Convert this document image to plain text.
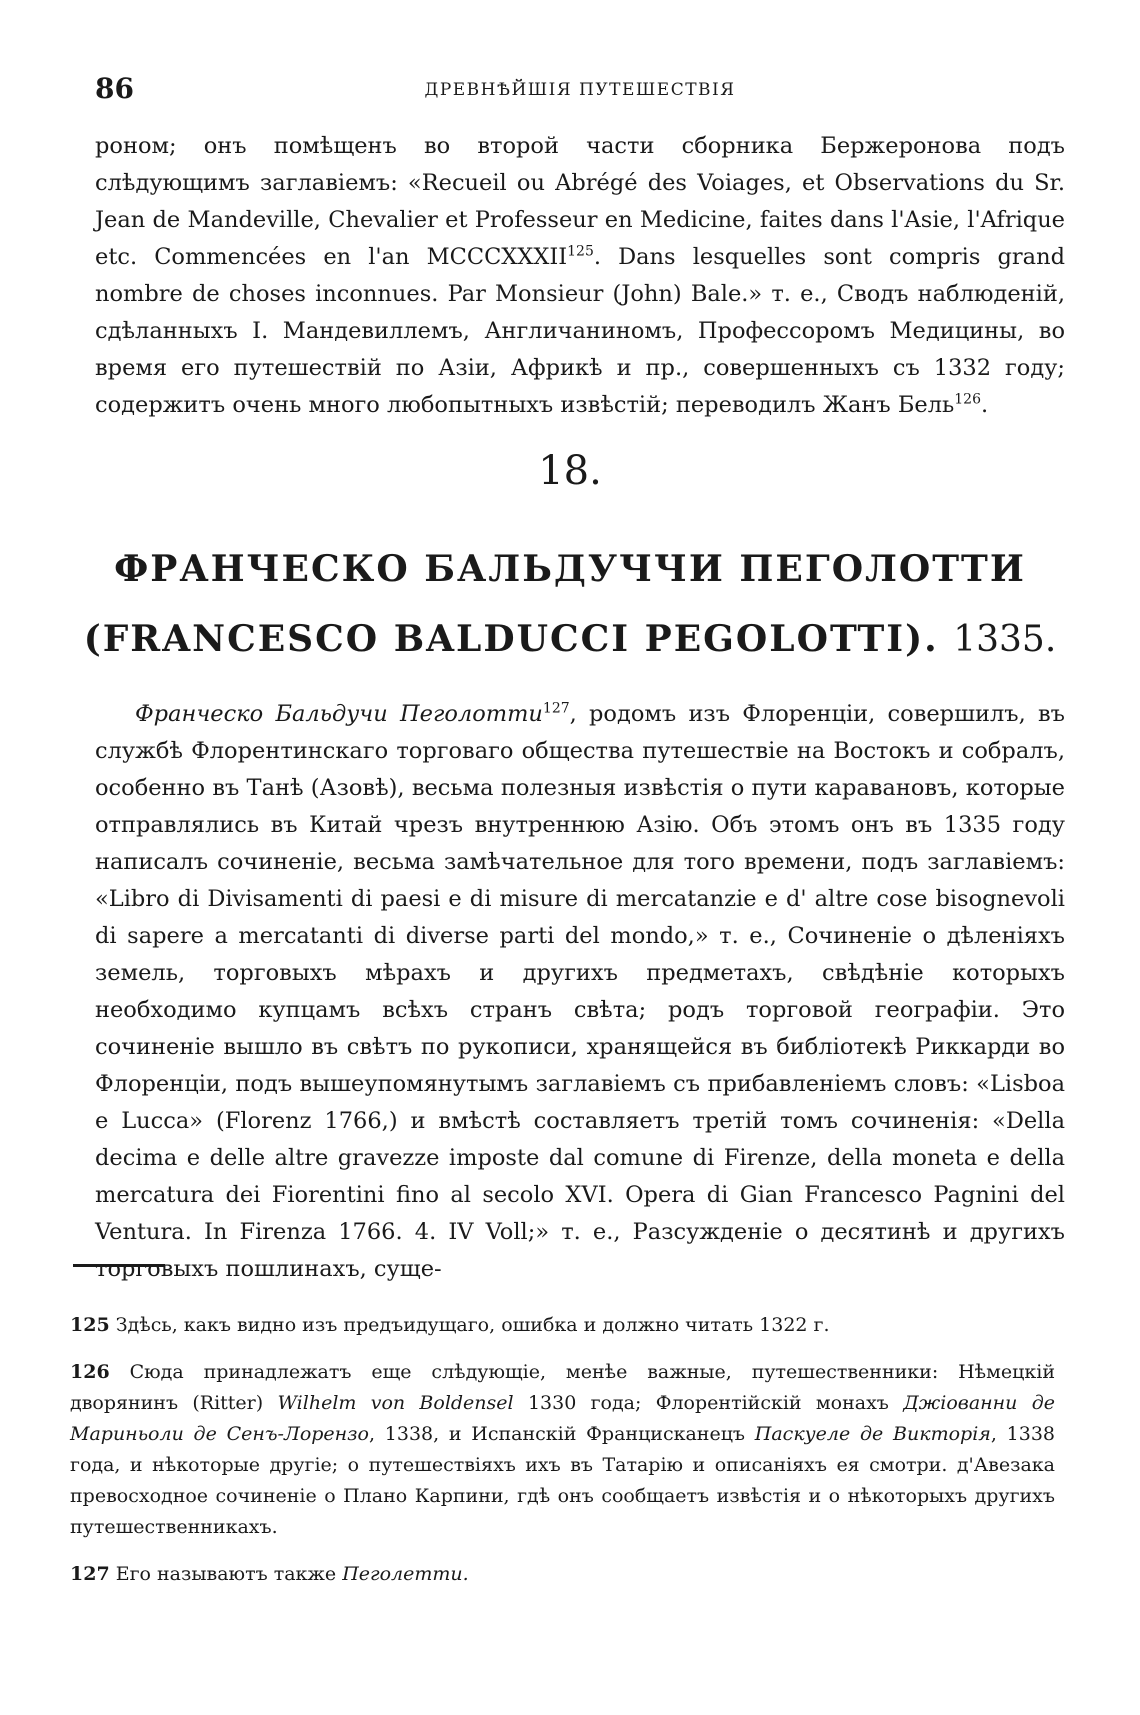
86	ДРЕВНѢЙШІЯ ПУТЕШЕСТВІЯ

роном; онъ помѣщенъ во второй части сборника Бержеронова подъ слѣдующимъ заглавіемъ: «Recueil ou Abrégé des Voiages, et Observations du Sr. Jean de Mandeville, Chevalier et Professeur en Medicine, faites dans l'Asie, l'Afrique etc. Commencées en l'an MCCCXXXII$^{125}$. Dans lesquelles sont compris grand nombre de choses inconnues. Par Monsieur (John) Bale.» т. е., Сводъ наблюденій, сдѣланныхъ I. Мандевиллемъ, Англичаниномъ, Профессоромъ Медицины, во время его путешествій по Азіи, Африкѣ и пр., совершенныхъ съ 1332 году; содержитъ очень много любопытныхъ извѣстій; переводилъ Жанъ Бель$^{126}$.

18.
ФРАНЧЕСКО БАЛЬДУЧЧИ ПЕГОЛОТТИ
(FRANCESCO BALDUCCI PEGOLOTTI). 1335.

Франческо Бальдучи Пеголотти$^{127}$, родомъ изъ Флоренціи, совершилъ, въ службѣ Флорентинскаго торговаго общества путешествіе на Востокъ и собралъ, особенно въ Танѣ (Азовѣ), весьма полезныя извѣстія о пути каравановъ, которые отправлялись въ Китай чрезъ внутреннюю Азію. Объ этомъ онъ въ 1335 году написалъ сочиненіе, весьма замѣчательное для того времени, подъ заглавіемъ: «Libro di Divisamenti di paesi e di misure di mercatanzie e d' altre cose bisognevoli di sapere a mercatanti di diverse parti del mondo,» т. е., Сочиненіе о дѣленіяхъ земель, торговыхъ мѣрахъ и другихъ предметахъ, свѣдѣніе которыхъ необходимо купцамъ всѣхъ странъ свѣта; родъ торговой географіи. Это сочиненіе вышло въ свѣтъ по рукописи, хранящейся въ библіотекѣ Риккарди во Флоренціи, подъ вышеупомянутымъ заглавіемъ съ прибавленіемъ словъ: «Lisboa e Lucca» (Florenz 1766,) и вмѣстѣ составляетъ третій томъ сочиненія: «Della decima e delle altre gravezze imposte dal comune di Firenze, della moneta e della mercatura dei Fiorentini fino al secolo XVI. Opera di Gian Francesco Pagnini del Ventura. In Firenza 1766. 4. IV Voll;» т. е., Разсужденіе о десятинѣ и другихъ торговыхъ пошлинахъ, суще-

125 Здѣсь, какъ видно изъ предъидущаго, ошибка и должно читать 1322 г.

126 Сюда принадлежатъ еще слѣдующіе, менѣе важные, путешественники: Нѣмецкій дворянинъ (Ritter) Wilhelm von Boldensel 1330 года; Флорентійскій монахъ Джіованни де Мариньоли де Сенъ-Лорензо, 1338, и Испанскій Францисканецъ Паскуеле де Викторія, 1338 года, и нѣкоторые другіе; о путешествіяхъ ихъ въ Татарію и описаніяхъ ея смотри. д'Авезака превосходное сочиненіе о Плано Карпини, гдѣ онъ сообщаетъ извѣстія и о нѣкоторыхъ другихъ путешественникахъ.

127 Его называютъ также Пеголетти.
